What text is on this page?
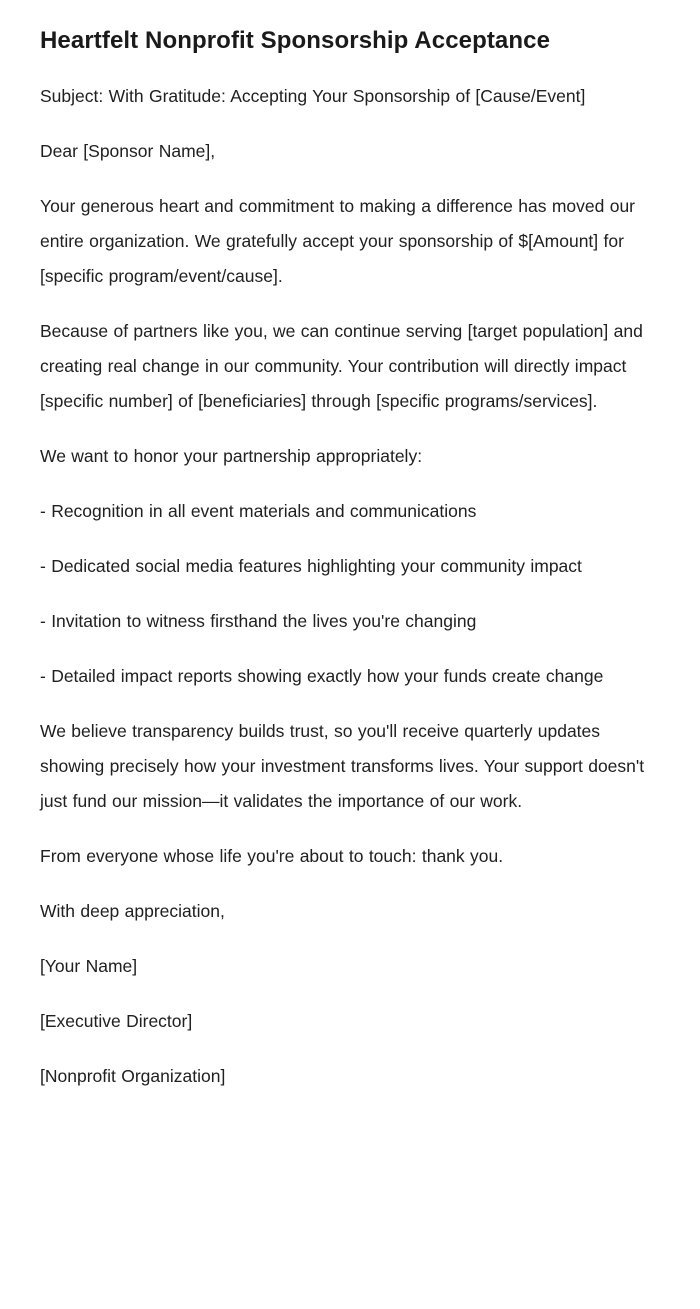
Heartfelt Nonprofit Sponsorship Acceptance

Subject: With Gratitude: Accepting Your Sponsorship of [Cause/Event]

Dear [Sponsor Name],

Your generous heart and commitment to making a difference has moved our entire organization. We gratefully accept your sponsorship of $[Amount] for [specific program/event/cause].

Because of partners like you, we can continue serving [target population] and creating real change in our community. Your contribution will directly impact [specific number] of [beneficiaries] through [specific programs/services].

We want to honor your partnership appropriately:

- Recognition in all event materials and communications

- Dedicated social media features highlighting your community impact

- Invitation to witness firsthand the lives you're changing

- Detailed impact reports showing exactly how your funds create change

We believe transparency builds trust, so you'll receive quarterly updates showing precisely how your investment transforms lives. Your support doesn't just fund our mission—it validates the importance of our work.

From everyone whose life you're about to touch: thank you.

With deep appreciation,

[Your Name]

[Executive Director]

[Nonprofit Organization]
